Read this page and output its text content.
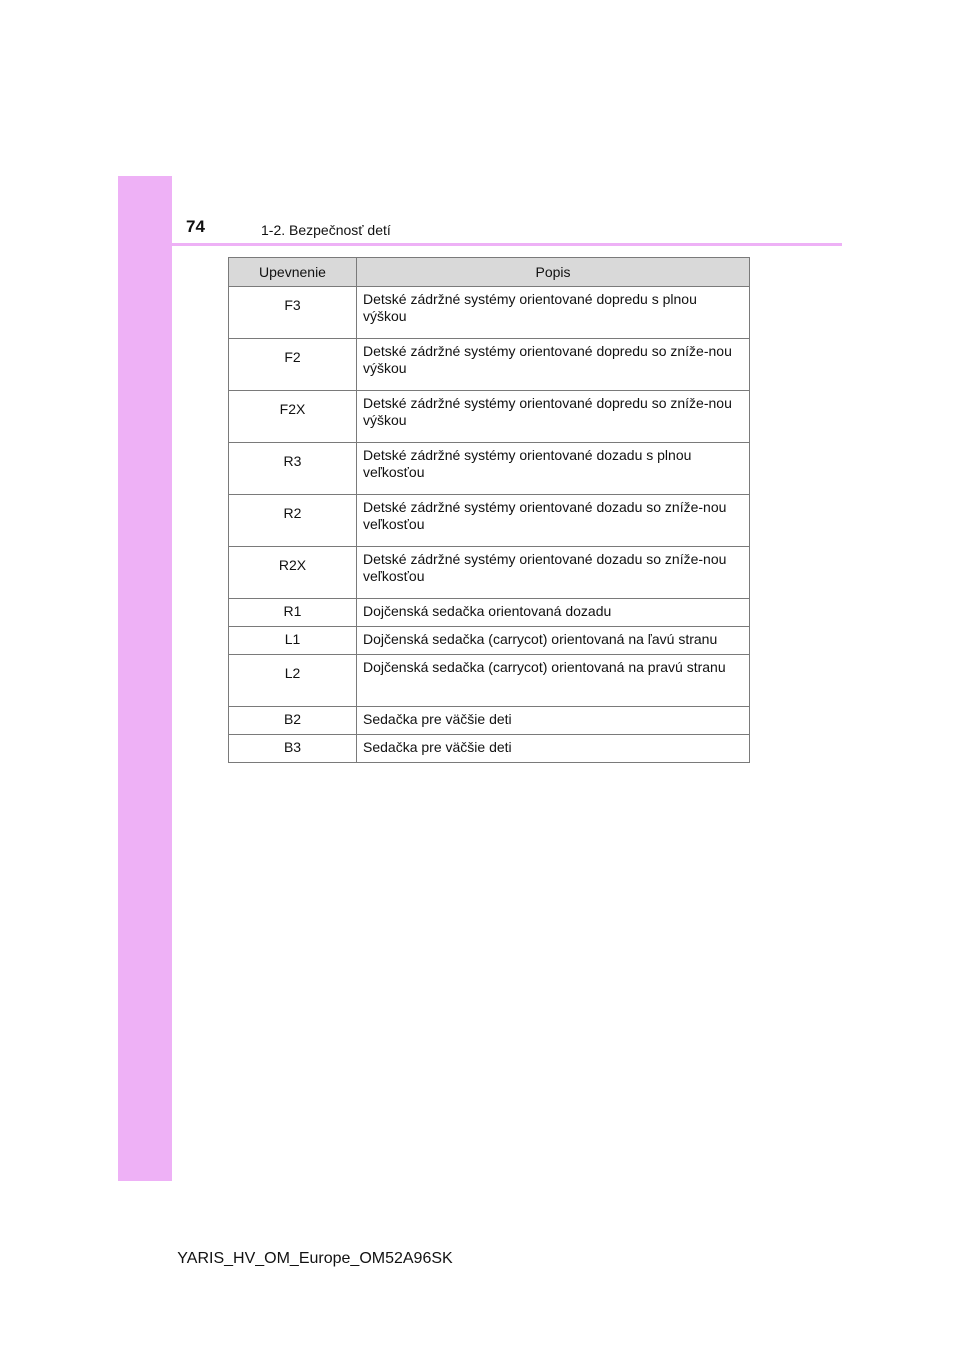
74	1-2. Bezpečnosť detí
Upevnenie	Popis
F3	Detské zádržné systémy orientované dopredu s plnou výškou
F2	Detské zádržné systémy orientované dopredu so zníže-nou výškou
F2X	Detské zádržné systémy orientované dopredu so zníže-nou výškou
R3	Detské zádržné systémy orientované dozadu s plnou veľkosťou
R2	Detské zádržné systémy orientované dozadu so zníže-nou veľkosťou
R2X	Detské zádržné systémy orientované dozadu so zníže-nou veľkosťou
R1	Dojčenská sedačka orientovaná dozadu
L1	Dojčenská sedačka (carrycot) orientovaná na ľavú stranu
L2	Dojčenská sedačka (carrycot) orientovaná na pravú stranu
B2	Sedačka pre väčšie deti
B3	Sedačka pre väčšie deti
YARIS_HV_OM_Europe_OM52A96SK
